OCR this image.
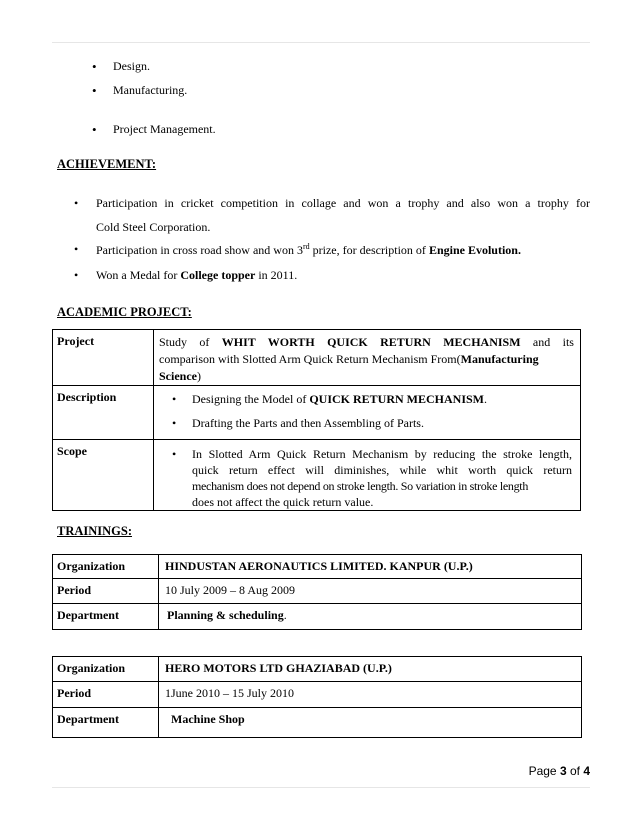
Design.
Manufacturing.
Project Management.
ACHIEVEMENT:
• Participation in cricket competition in collage and won a trophy and also won a trophy for
Cold Steel Corporation.
• Participation in cross road show and won 3rd prize, for description of Engine Evolution.
• Won a Medal for College topper in 2011.
ACADEMIC PROJECT:
Project	Study of WHIT WORTH QUICK RETURN MECHANISM and its
comparison with Slotted Arm Quick Return Mechanism From(Manufacturing
Science)

Description	• Designing the Model of QUICK RETURN MECHANISM.
• Drafting the Parts and then Assembling of Parts.

Scope	• In Slotted Arm Quick Return Mechanism by reducing the stroke length,
quick return effect will diminishes, while whit worth quick return
mechanism does not depend on stroke length. So variation in stroke length
does not affect the quick return value.
TRAININGS:
Organization	HINDUSTAN AERONAUTICS LIMITED. KANPUR (U.P.)
Period	10 July 2009 – 8 Aug 2009
Department	Planning & scheduling.
Organization	HERO MOTORS LTD GHAZIABAD (U.P.)
Period	1June 2010 – 15 July 2010
Department	Machine Shop
Page 3 of 4
